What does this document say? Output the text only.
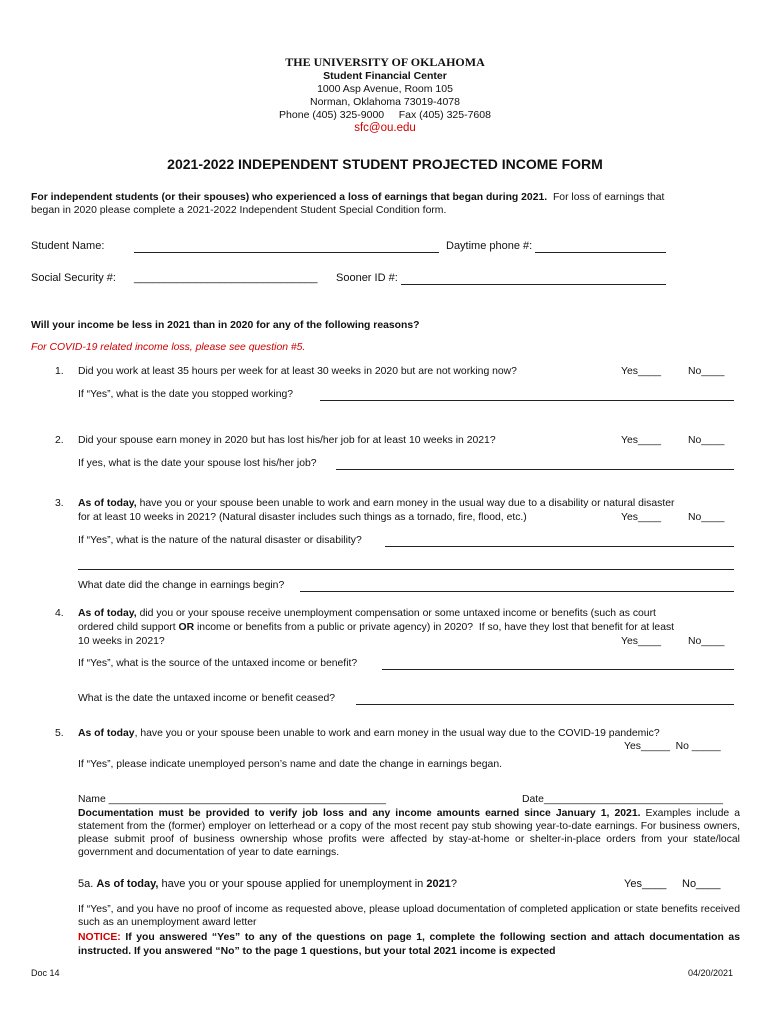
THE UNIVERSITY OF OKLAHOMA
Student Financial Center
1000 Asp Avenue, Room 105
Norman, Oklahoma 73019-4078
Phone (405) 325-9000     Fax (405) 325-7608
sfc@ou.edu
2021-2022 INDEPENDENT STUDENT PROJECTED INCOME FORM
For independent students (or their spouses) who experienced a loss of earnings that began during 2021.  For loss of earnings that
began in 2020 please complete a 2021-2022 Independent Student Special Condition form.
Student Name:	Daytime phone #:
Social Security #: ______________________________ Sooner ID #:
Will your income be less in 2021 than in 2020 for any of the following reasons?
For COVID-19 related income loss, please see question #5.
1. Did you work at least 35 hours per week for at least 30 weeks in 2020 but are not working now?	Yes____	No____
If “Yes”, what is the date you stopped working?
2. Did your spouse earn money in 2020 but has lost his/her job for at least 10 weeks in 2021?	Yes____	No____
If yes, what is the date your spouse lost his/her job?
3. As of today, have you or your spouse been unable to work and earn money in the usual way due to a disability or natural disaster
for at least 10 weeks in 2021? (Natural disaster includes such things as a tornado, fire, flood, etc.)	Yes____	No____
If “Yes”, what is the nature of the natural disaster or disability?
What date did the change in earnings begin?
4. As of today, did you or your spouse receive unemployment compensation or some untaxed income or benefits (such as court
ordered child support OR income or benefits from a public or private agency) in 2020?  If so, have they lost that benefit for at least
10 weeks in 2021?	Yes____	No____
If “Yes”, what is the source of the untaxed income or benefit?
What is the date the untaxed income or benefit ceased?
5. As of today, have you or your spouse been unable to work and earn money in the usual way due to the COVID-19 pandemic?
Yes_____  No _____
If “Yes”, please indicate unemployed person’s name and date the change in earnings began.
Name ________________________________________________	Date_______________________________
Documentation must be provided to verify job loss and any income amounts earned since January 1, 2021. Examples include a statement from the (former) employer on letterhead or a copy of the most recent pay stub showing year-to-date earnings. For business owners, please submit proof of business ownership whose profits were affected by stay-at-home or shelter-in-place orders from your state/local government and documentation of year to date earnings.
5a. As of today, have you or your spouse applied for unemployment in 2021?	Yes____ No____
If “Yes”, and you have no proof of income as requested above, please upload documentation of completed application or state benefits received such as an unemployment award letter
NOTICE: If you answered “Yes” to any of the questions on page 1, complete the following section and attach documentation as instructed. If you answered “No” to the page 1 questions, but your total 2021 income is expected
Doc 14	04/20/2021
